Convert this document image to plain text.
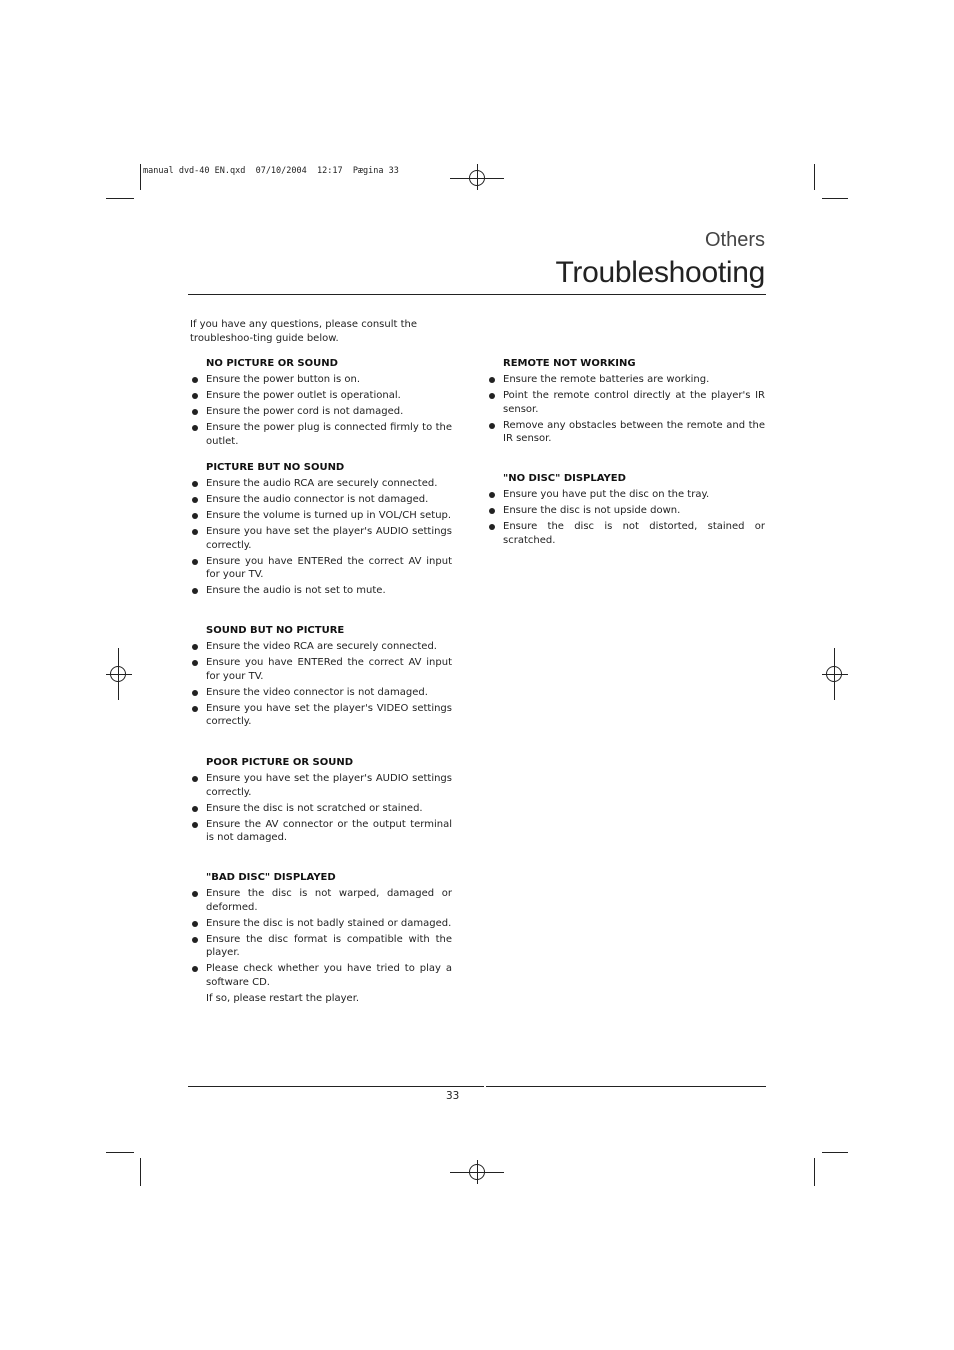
manual dvd-40 EN.qxd  07/10/2004  12:17  Pægina 33
Others
Troubleshooting
If you have any questions, please consult the troubleshoo-ting guide below.
NO PICTURE OR SOUND
Ensure the power button is on.
Ensure the power outlet is operational.
Ensure the power cord is not damaged.
Ensure the power plug is connected firmly to the outlet.
PICTURE BUT NO SOUND
Ensure the audio RCA are securely connected.
Ensure the audio connector is not damaged.
Ensure the volume is turned up in VOL/CH setup.
Ensure you have set the player's AUDIO settings correctly.
Ensure you have ENTERed the correct AV input for your TV.
Ensure the audio is not set to mute.
SOUND BUT NO PICTURE
Ensure the video RCA are securely connected.
Ensure you have ENTERed the correct AV input for your TV.
Ensure the video connector is not damaged.
Ensure you have set the player's VIDEO settings correctly.
POOR PICTURE OR SOUND
Ensure you have set the player's AUDIO settings correctly.
Ensure the disc is not scratched or stained.
Ensure the AV connector or the output terminal is not damaged.
"BAD DISC" DISPLAYED
Ensure the disc is not warped, damaged or deformed.
Ensure the disc is not badly stained or damaged.
Ensure the disc format is compatible with the player.
Please check whether you have tried to play a software CD.
If so, please restart the player.
REMOTE NOT WORKING
Ensure the remote batteries are working.
Point the remote control directly at the player's IR sensor.
Remove any obstacles between the remote and the IR sensor.
"NO DISC" DISPLAYED
Ensure you have put the disc on the tray.
Ensure the disc is not upside down.
Ensure the disc is not distorted, stained or scratched.
33
